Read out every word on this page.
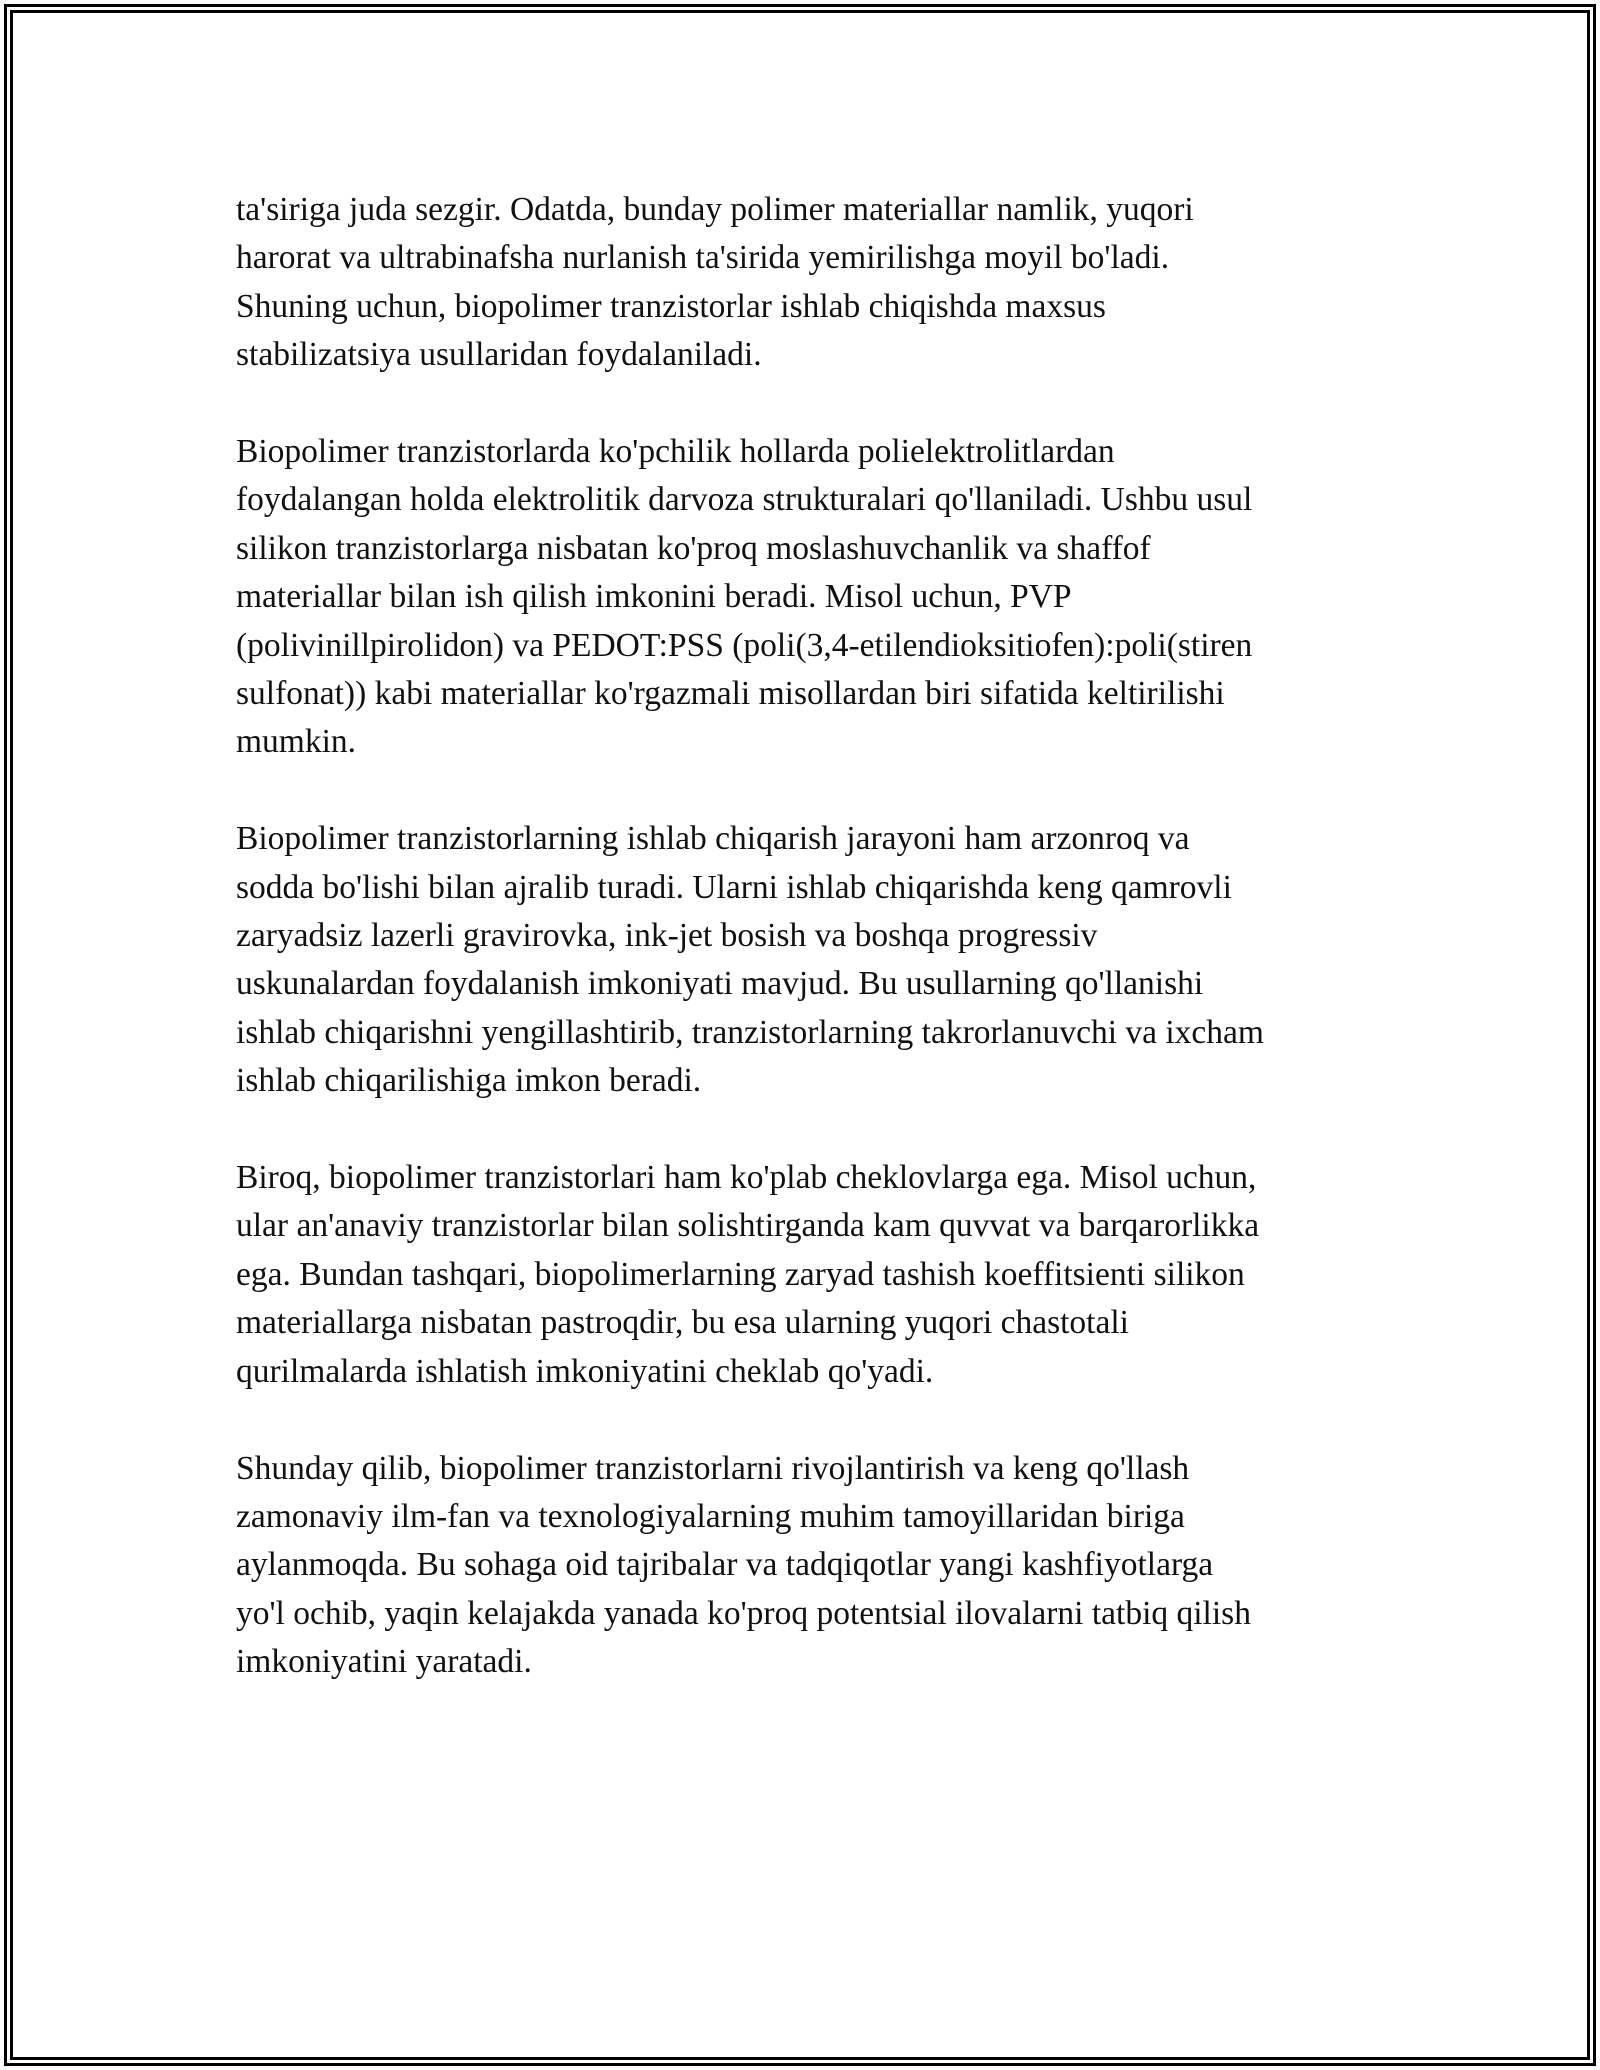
ta'siriga juda sezgir. Odatda, bunday polimer materiallar namlik, yuqori
harorat va ultrabinafsha nurlanish ta'sirida yemirilishga moyil bo'ladi.
Shuning uchun, biopolimer tranzistorlar ishlab chiqishda maxsus
stabilizatsiya usullaridan foydalaniladi.

Biopolimer tranzistorlarda ko'pchilik hollarda polielektrolitlardan
foydalangan holda elektrolitik darvoza strukturalari qo'llaniladi. Ushbu usul
silikon tranzistorlarga nisbatan ko'proq moslashuvchanlik va shaffof
materiallar bilan ish qilish imkonini beradi. Misol uchun, PVP
(polivinillpirolidon) va PEDOT:PSS (poli(3,4-etilendioksitiofen):poli(stiren
sulfonat)) kabi materiallar ko'rgazmali misollardan biri sifatida keltirilishi
mumkin.

Biopolimer tranzistorlarning ishlab chiqarish jarayoni ham arzonroq va
sodda bo'lishi bilan ajralib turadi. Ularni ishlab chiqarishda keng qamrovli
zaryadsiz lazerli gravirovka, ink-jet bosish va boshqa progressiv
uskunalardan foydalanish imkoniyati mavjud. Bu usullarning qo'llanishi
ishlab chiqarishni yengillashtirib, tranzistorlarning takrorlanuvchi va ixcham
ishlab chiqarilishiga imkon beradi.

Biroq, biopolimer tranzistorlari ham ko'plab cheklovlarga ega. Misol uchun,
ular an'anaviy tranzistorlar bilan solishtirganda kam quvvat va barqarorlikka
ega. Bundan tashqari, biopolimerlarning zaryad tashish koeffitsienti silikon
materiallarga nisbatan pastroqdir, bu esa ularning yuqori chastotali
qurilmalarda ishlatish imkoniyatini cheklab qo'yadi.

Shunday qilib, biopolimer tranzistorlarni rivojlantirish va keng qo'llash
zamonaviy ilm-fan va texnologiyalarning muhim tamoyillaridan biriga
aylanmoqda. Bu sohaga oid tajribalar va tadqiqotlar yangi kashfiyotlarga
yo'l ochib, yaqin kelajakda yanada ko'proq potentsial ilovalarni tatbiq qilish
imkoniyatini yaratadi.
